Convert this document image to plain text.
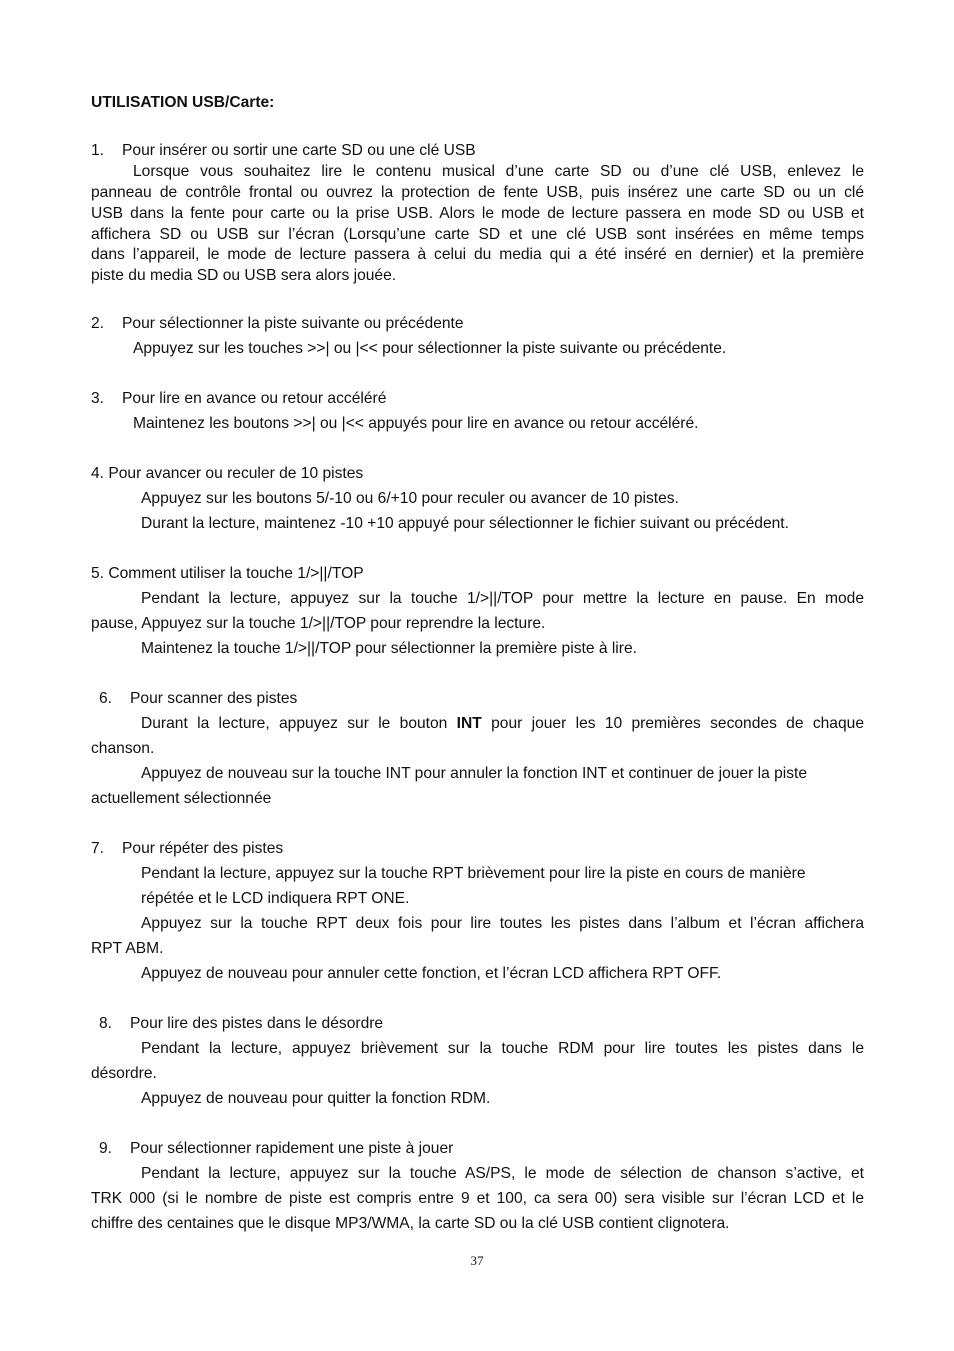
UTILISATION USB/Carte:
1. Pour insérer ou sortir une carte SD ou une clé USB
Lorsque vous souhaitez lire le contenu musical d’une carte SD ou d’une clé USB, enlevez le
panneau de contrôle frontal ou ouvrez la protection de fente USB, puis insérez une carte SD ou un clé
USB dans la fente pour carte ou la prise USB. Alors le mode de lecture passera en mode SD ou USB et
affichera SD ou USB sur l’écran (Lorsqu’une carte SD et une clé USB sont insérées en même temps
dans l’appareil, le mode de lecture passera à celui du media qui a été inséré en dernier) et la première
piste du media SD ou USB sera alors jouée.
2. Pour sélectionner la piste suivante ou précédente
Appuyez sur les touches >>| ou |<< pour sélectionner la piste suivante ou précédente.
3. Pour lire en avance ou retour accéléré
Maintenez les boutons >>| ou |<< appuyés pour lire en avance ou retour accéléré.
4. Pour avancer ou reculer de 10 pistes
Appuyez sur les boutons 5/-10 ou 6/+10 pour reculer ou avancer de 10 pistes.
Durant la lecture, maintenez -10 +10 appuyé pour sélectionner le fichier suivant ou précédent.
5. Comment utiliser la touche 1/>||/TOP
Pendant la lecture, appuyez sur la touche 1/>||/TOP pour mettre la lecture en pause. En mode
pause, Appuyez sur la touche 1/>||/TOP pour reprendre la lecture.
Maintenez la touche 1/>||/TOP pour sélectionner la première piste à lire.
6. Pour scanner des pistes
Durant la lecture, appuyez sur le bouton INT pour jouer les 10 premières secondes de chaque
chanson.
Appuyez de nouveau sur la touche INT pour annuler la fonction INT et continuer de jouer la piste
actuellement sélectionnée
7. Pour répéter des pistes
Pendant la lecture, appuyez sur la touche RPT brièvement pour lire la piste en cours de manière
répétée et le LCD indiquera RPT ONE.
Appuyez sur la touche RPT deux fois pour lire toutes les pistes dans l’album et l’écran affichera
RPT ABM.
Appuyez de nouveau pour annuler cette fonction, et l’écran LCD affichera RPT OFF.
8. Pour lire des pistes dans le désordre
Pendant la lecture, appuyez brièvement sur la touche RDM pour lire toutes les pistes dans le
désordre.
Appuyez de nouveau pour quitter la fonction RDM.
9. Pour sélectionner rapidement une piste à jouer
Pendant la lecture, appuyez sur la touche AS/PS, le mode de sélection de chanson s’active, et
TRK 000 (si le nombre de piste est compris entre 9 et 100, ca sera 00) sera visible sur l’écran LCD et le
chiffre des centaines que le disque MP3/WMA, la carte SD ou la clé USB contient clignotera.
37
